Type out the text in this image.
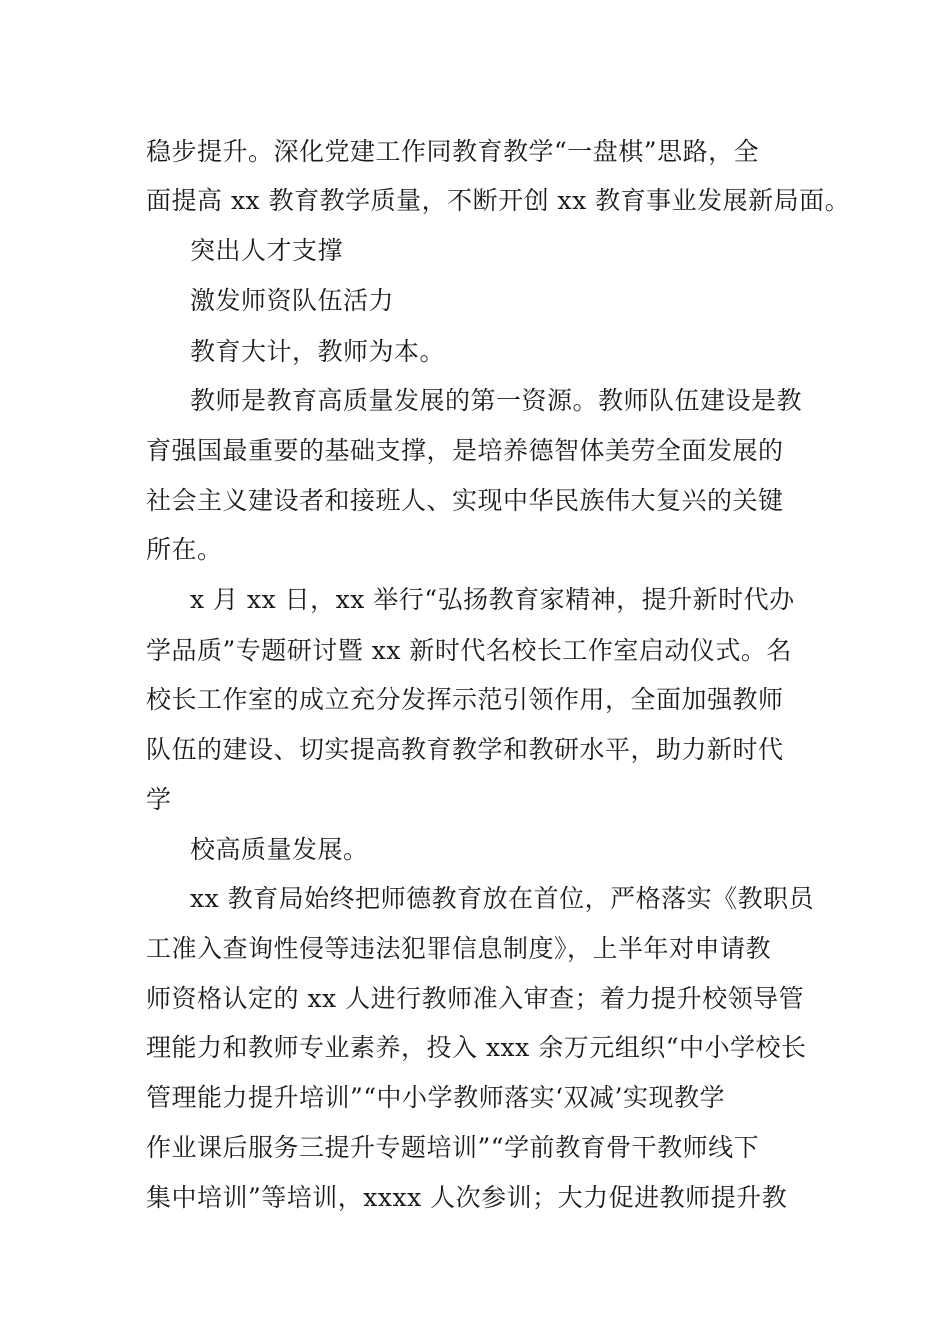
稳步提升。深化党建工作同教育教学“一盘棋”思路，全
面提高 xx 教育教学质量，不断开创 xx 教育事业发展新局面。
突出人才支撑
激发师资队伍活力
教育大计，教师为本。
教师是教育高质量发展的第一资源。教师队伍建设是教
育强国最重要的基础支撑，是培养德智体美劳全面发展的
社会主义建设者和接班人、实现中华民族伟大复兴的关键
所在。
x 月 xx 日，xx 举行“弘扬教育家精神，提升新时代办
学品质”专题研讨暨 xx 新时代名校长工作室启动仪式。名
校长工作室的成立充分发挥示范引领作用，全面加强教师
队伍的建设、切实提高教育教学和教研水平，助力新时代
学
校高质量发展。
xx 教育局始终把师德教育放在首位，严格落实《教职员
工准入查询性侵等违法犯罪信息制度》，上半年对申请教
师资格认定的 xx 人进行教师准入审查；着力提升校领导管
理能力和教师专业素养，投入 xxx 余万元组织“中小学校长
管理能力提升培训”“中小学教师落实‘双减’实现教学
作业课后服务三提升专题培训”“学前教育骨干教师线下
集中培训”等培训，xxxx 人次参训；大力促进教师提升教
